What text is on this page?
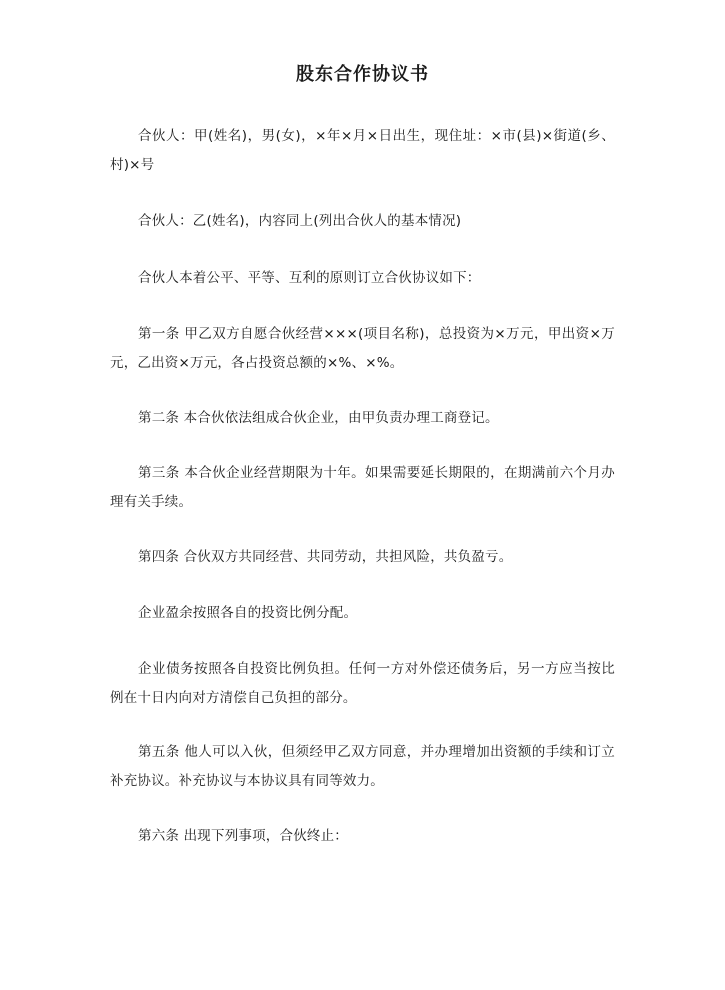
股东合作协议书

合伙人：甲(姓名)，男(女)，×年×月×日出生，现住址：×市(县)×街道(乡、村)×号

合伙人：乙(姓名)，内容同上(列出合伙人的基本情况)

合伙人本着公平、平等、互利的原则订立合伙协议如下：

第一条 甲乙双方自愿合伙经营×××(项目名称)，总投资为×万元，甲出资×万元，乙出资×万元，各占投资总额的×%、×%。

第二条 本合伙依法组成合伙企业，由甲负责办理工商登记。

第三条 本合伙企业经营期限为十年。如果需要延长期限的，在期满前六个月办理有关手续。

第四条 合伙双方共同经营、共同劳动，共担风险，共负盈亏。

企业盈余按照各自的投资比例分配。

企业债务按照各自投资比例负担。任何一方对外偿还债务后，另一方应当按比例在十日内向对方清偿自己负担的部分。

第五条 他人可以入伙，但须经甲乙双方同意，并办理增加出资额的手续和订立补充协议。补充协议与本协议具有同等效力。

第六条 出现下列事项，合伙终止：
